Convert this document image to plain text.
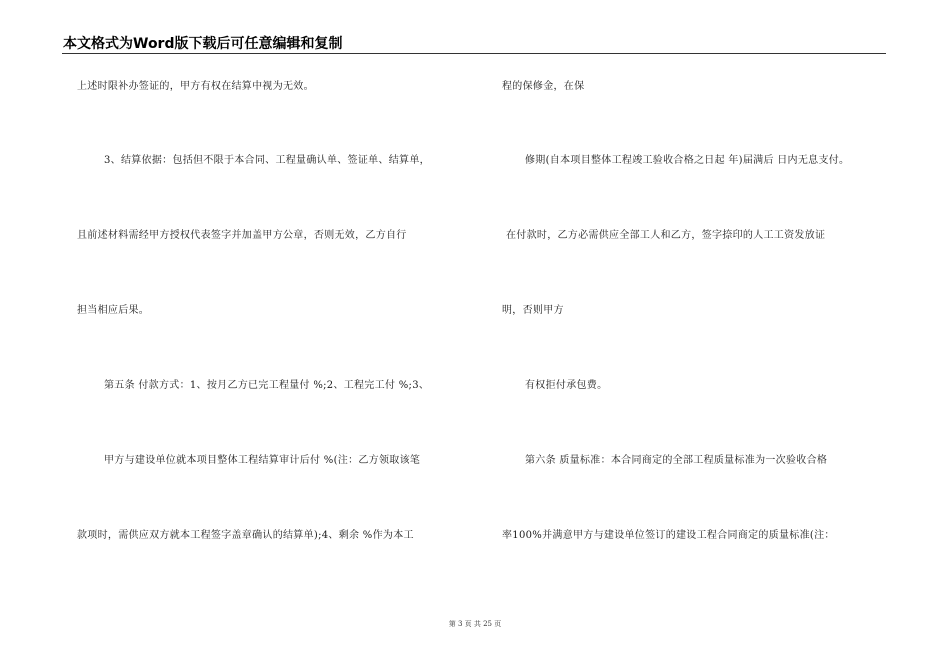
本文格式为Word版下载后可任意编辑和复制
上述时限补办签证的，甲方有权在结算中视为无效。
3、结算依据：包括但不限于本合同、工程量确认单、签证单、结算单，
且前述材料需经甲方授权代表签字并加盖甲方公章，否则无效，乙方自行
担当相应后果。
第五条 付款方式：1、按月乙方已完工程量付 %;2、工程完工付 %;3、
甲方与建设单位就本项目整体工程结算审计后付 %(注：乙方领取该笔
款项时，需供应双方就本工程签字盖章确认的结算单);4、剩余 %作为本工
程的保修金，在保
修期(自本项目整体工程竣工验收合格之日起 年)届满后 日内无息支付。
在付款时，乙方必需供应全部工人和乙方，签字捺印的人工工资发放证
明，否则甲方
有权拒付承包费。
第六条 质量标准：本合同商定的全部工程质量标准为一次验收合格
率100%并满意甲方与建设单位签订的建设工程合同商定的质量标准(注：
第 3 页 共 25 页
